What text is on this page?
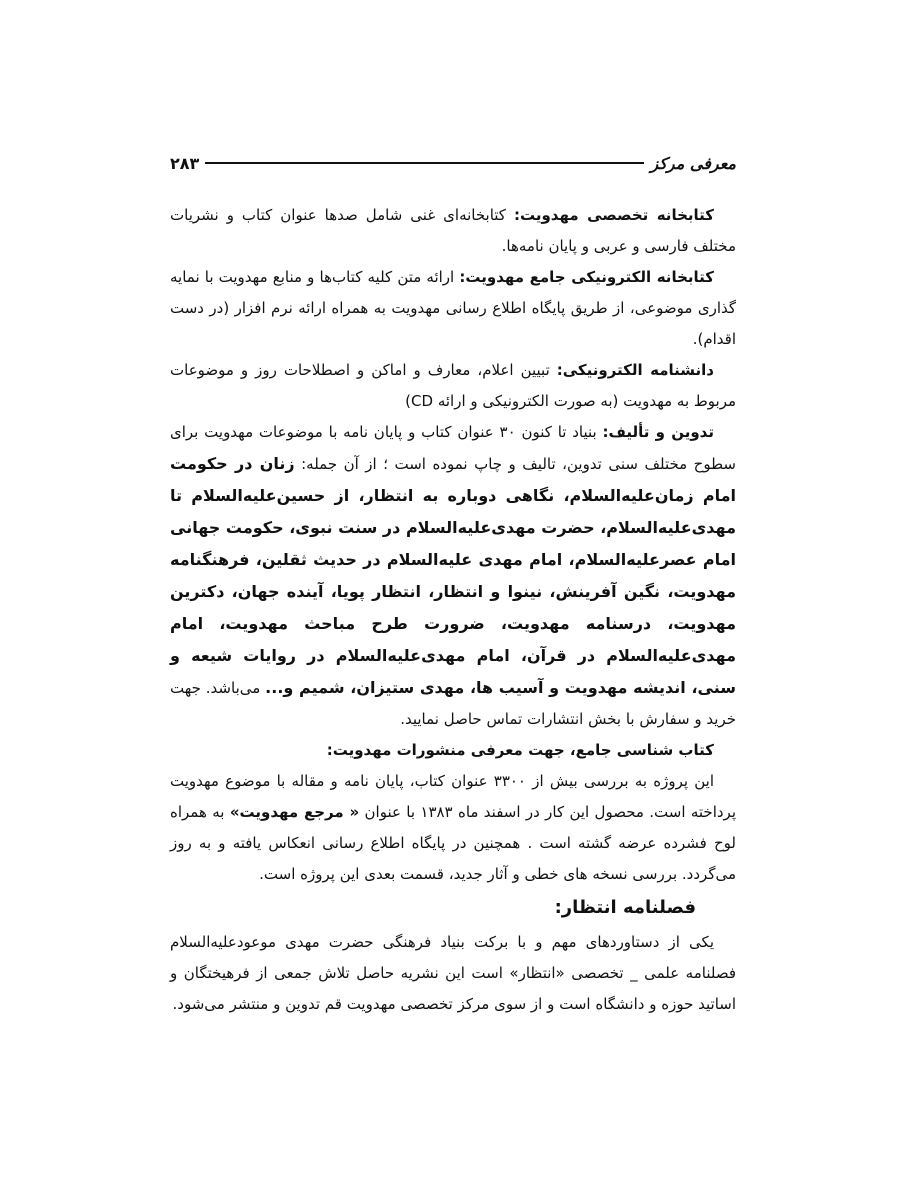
معرفی مرکز
۲۸۳

کتابخانه تخصصی مهدویت: کتابخانه‌ای غنی شامل صدها عنوان کتاب و نشریات مختلف فارسی و عربی و پایان نامه‌ها.

کتابخانه الکترونیکی جامع مهدویت: ارائه متن کلیه کتاب‌ها و منابع مهدویت با نمایه گذاری موضوعی، از طریق پایگاه اطلاع رسانی مهدویت به همراه ارائه نرم افزار (در دست اقدام).

دانشنامه الکترونیکی: تبیین اعلام، معارف و اماکن و اصطلاحات روز و موضوعات مربوط به مهدویت (به صورت الکترونیکی و ارائه CD)

تدوین و تألیف: بنیاد تا کنون ۳۰ عنوان کتاب و پایان نامه با موضوعات مهدویت برای سطوح مختلف سنی تدوین، تالیف و چاپ نموده است ؛ از آن جمله: زنان در حکومت امام زمان‌علیه‌السلام، نگاهی دوباره به انتظار، از حسین‌علیه‌السلام تا مهدی‌علیه‌السلام، حضرت مهدی‌علیه‌السلام در سنت نبوی، حکومت جهانی امام عصر‌علیه‌السلام، امام مهدی علیه‌السلام در حدیث ثقلین، فرهنگنامه مهدویت، نگین آفرینش، نینوا و انتظار، انتظار پویا، آینده جهان، دکترین مهدویت، درسنامه مهدویت، ضرورت طرح مباحث مهدویت، امام مهدی‌علیه‌السلام در قرآن، امام مهدی‌علیه‌السلام در روایات شیعه و سنی، اندیشه مهدویت و آسیب ها، مهدی ستیزان، شمیم و... می‌باشد. جهت خرید و سفارش با بخش انتشارات تماس حاصل نمایید.

کتاب شناسی جامع، جهت معرفی منشورات مهدویت:

این پروژه به بررسی بیش از ۳۳۰۰ عنوان کتاب، پایان نامه و مقاله با موضوع مهدویت پرداخته است. محصول این کار در اسفند ماه ۱۳۸۳ با عنوان « مرجع مهدویت» به همراه لوح فشرده عرضه گشته است . همچنین در پایگاه اطلاع رسانی انعکاس یافته و به روز می‌گردد. بررسی نسخه های خطی و آثار جدید، قسمت بعدی این پروژه است.

فصلنامه انتظار:

یکی از دستاوردهای مهم و با برکت بنیاد فرهنگی حضرت مهدی موعود‌علیه‌السلام فصلنامه علمی _ تخصصی «انتظار» است این نشریه حاصل تلاش جمعی از فرهیختگان و اساتید حوزه و دانشگاه است و از سوی مرکز تخصصی مهدویت قم تدوین و منتشر می‌شود.
